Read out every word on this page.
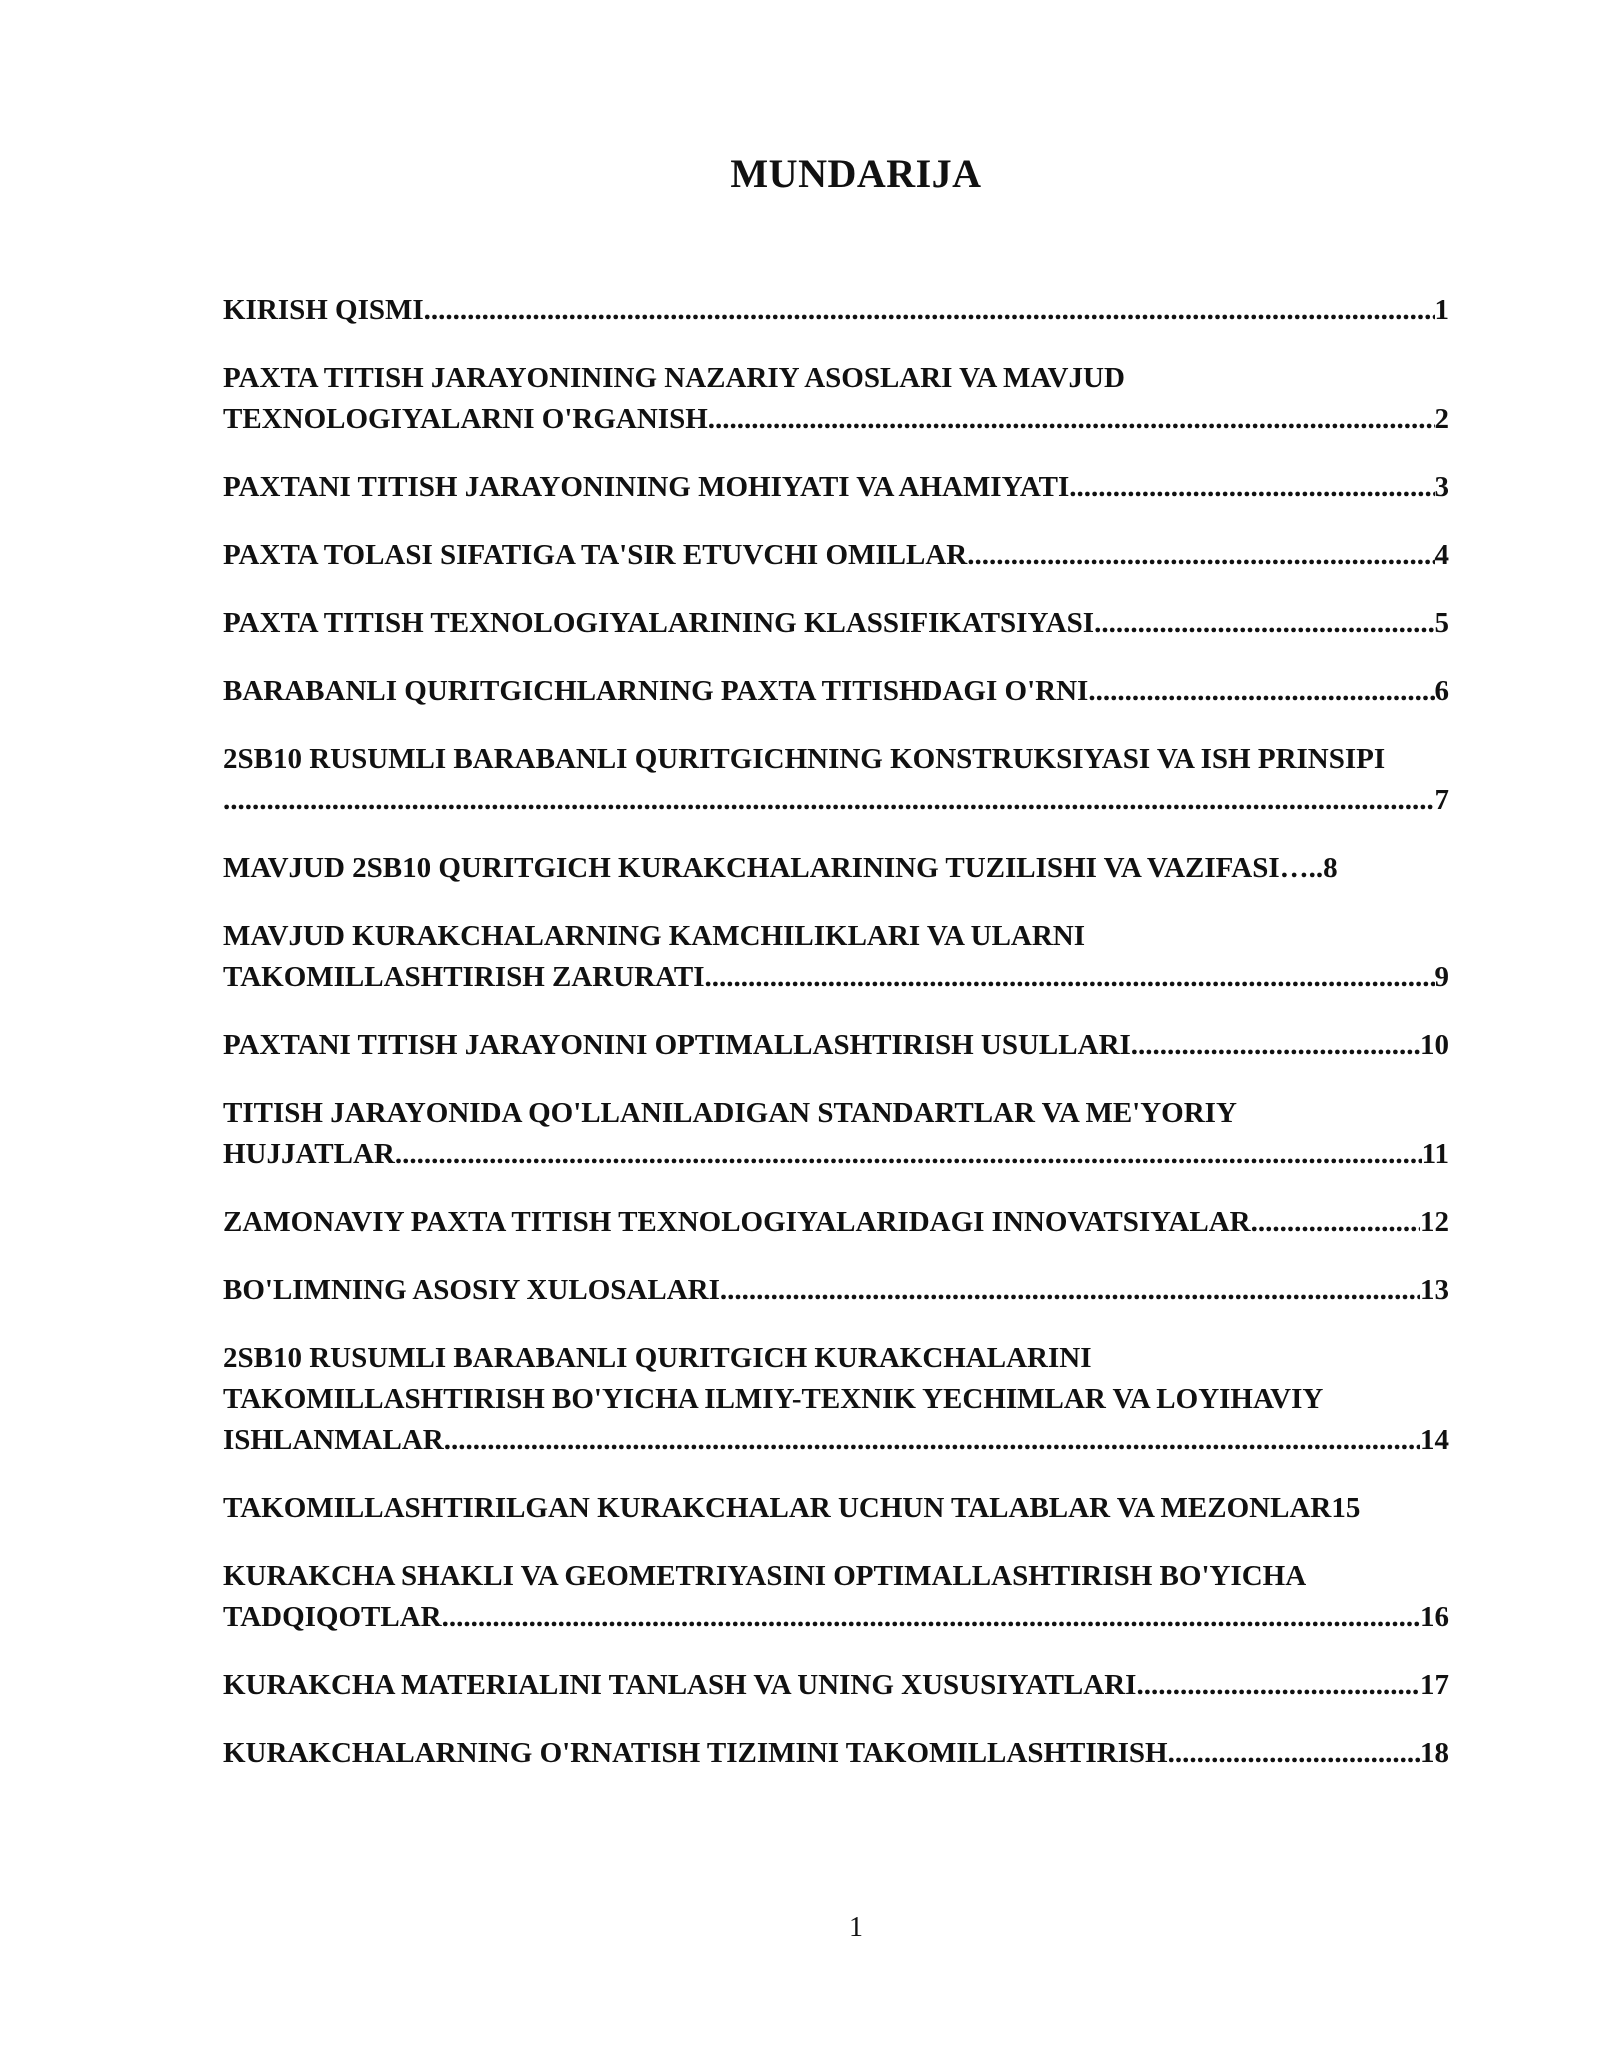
MUNDARIJA
KIRISH QISMI .....	1
PAXTA TITISH JARAYONINING NAZARIY ASOSLARI VA MAVJUD
TEXNOLOGIYALARNI O'RGANISH .....	2
PAXTANI TITISH JARAYONINING MOHIYATI VA AHAMIYATI .....	3
PAXTA TOLASI SIFATIGA TA'SIR ETUVCHI OMILLAR .....	4
PAXTA TITISH TEXNOLOGIYALARINING KLASSIFIKATSIYASI .....	5
BARABANLI QURITGICHLARNING PAXTA TITISHDAGI O'RNI .....	6
2SB10 RUSUMLI BARABANLI QURITGICHNING KONSTRUKSIYASI VA ISH PRINSIPI
.....
7
MAVJUD 2SB10 QURITGICH KURAKCHALARINING TUZILISHI VA VAZIFASI ….. 8
MAVJUD KURAKCHALARNING KAMCHILIKLARI VA ULARNI
TAKOMILLASHTIRISH ZARURATI .....	9
PAXTANI TITISH JARAYONINI OPTIMALLASHTIRISH USULLARI .....	10
TITISH JARAYONIDA QO'LLANILADIGAN STANDARTLAR VA ME'YORIY
HUJJATLAR .....	11
ZAMONAVIY PAXTA TITISH TEXNOLOGIYALARIDAGI INNOVATSIYALAR .....	12
BO'LIMNING ASOSIY XULOSALARI .....	13
2SB10 RUSUMLI BARABANLI QURITGICH KURAKCHALARINI
TAKOMILLASHTIRISH BO'YICHA ILMIY-TEXNIK YECHIMLAR VA LOYIHAVIY
ISHLANMALAR .....	14
TAKOMILLASHTIRILGAN KURAKCHALAR UCHUN TALABLAR VA MEZONLAR 15
KURAKCHA SHAKLI VA GEOMETRIYASINI OPTIMALLASHTIRISH BO'YICHA
TADQIQOTLAR .....	16
KURAKCHA MATERIALINI TANLASH VA UNING XUSUSIYATLARI .....	17
KURAKCHALARNING O'RNATISH TIZIMINI TAKOMILLASHTIRISH .....	18
1
